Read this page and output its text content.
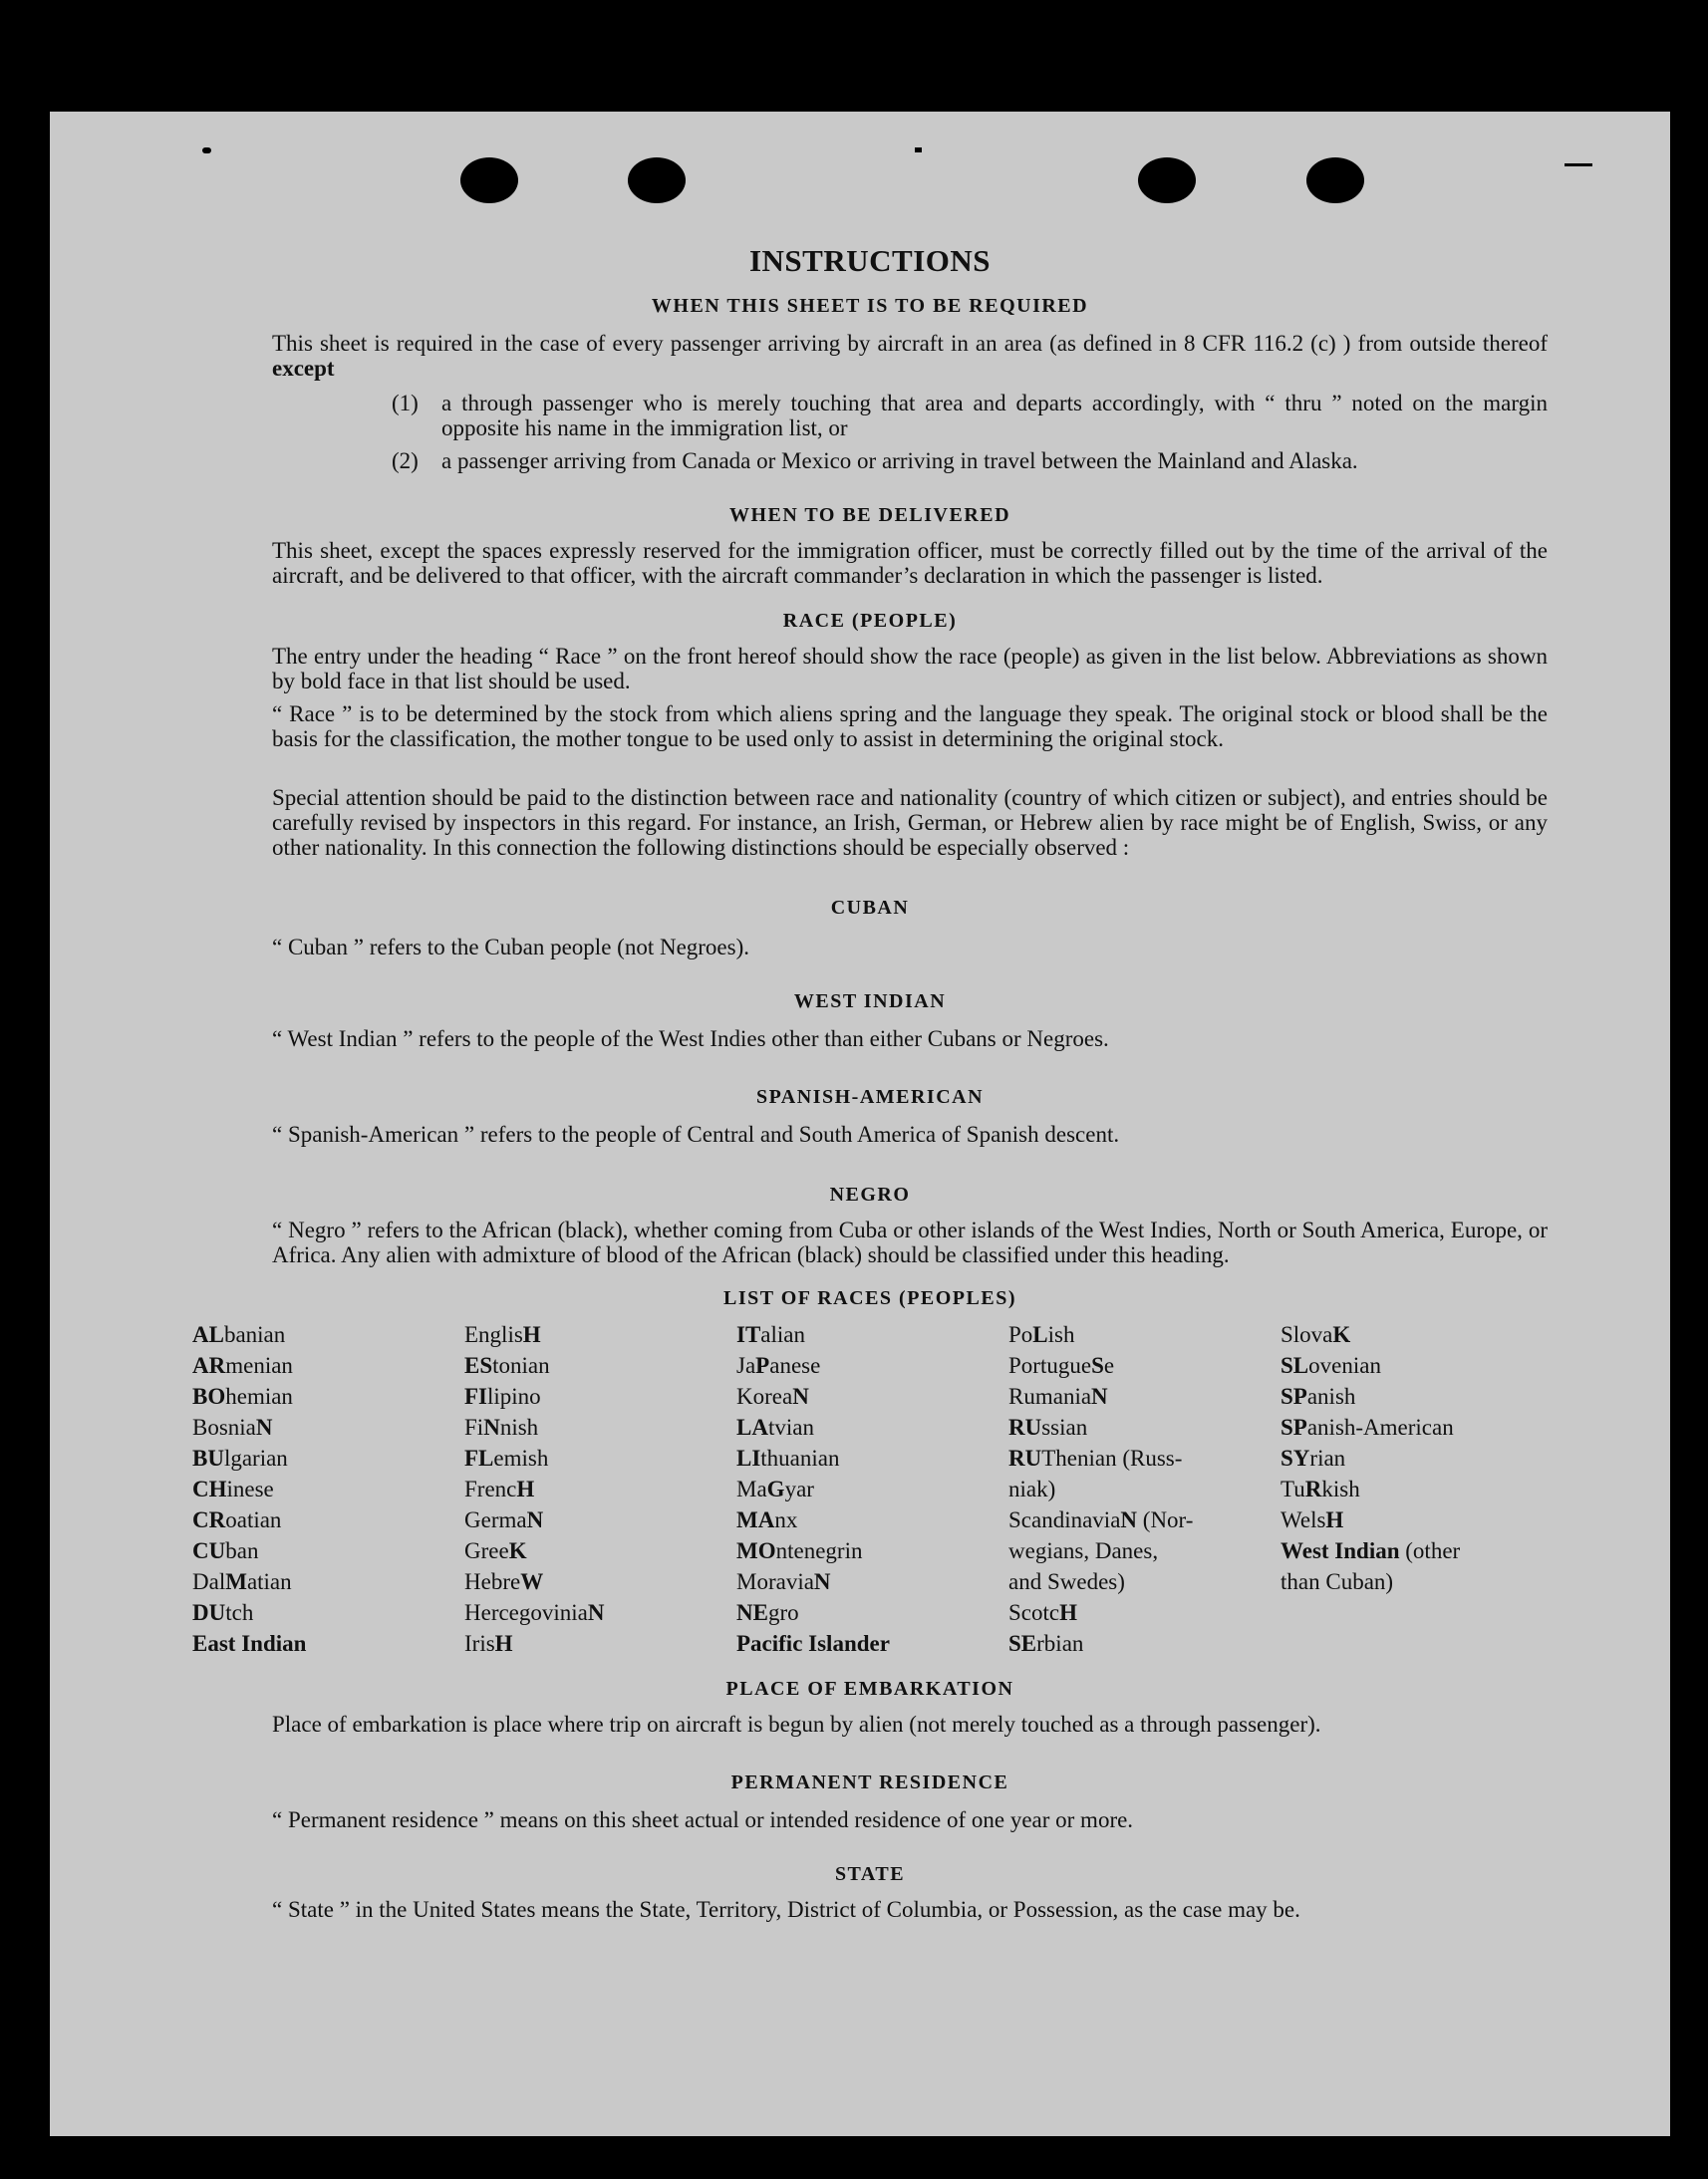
INSTRUCTIONS
WHEN THIS SHEET IS TO BE REQUIRED
This sheet is required in the case of every passenger arriving by aircraft in an area (as defined in 8 CFR 116.2 (c) ) from outside thereof except
(1) a through passenger who is merely touching that area and departs accordingly, with “ thru ” noted on the margin opposite his name in the immigration list, or
(2) a passenger arriving from Canada or Mexico or arriving in travel between the Mainland and Alaska.
WHEN TO BE DELIVERED
This sheet, except the spaces expressly reserved for the immigration officer, must be correctly filled out by the time of the arrival of the aircraft, and be delivered to that officer, with the aircraft commander’s declaration in which the passenger is listed.
RACE (PEOPLE)
The entry under the heading “ Race ” on the front hereof should show the race (people) as given in the list below. Abbreviations as shown by bold face in that list should be used.
“ Race ” is to be determined by the stock from which aliens spring and the language they speak. The original stock or blood shall be the basis for the classification, the mother tongue to be used only to assist in determining the original stock.
Special attention should be paid to the distinction between race and nationality (country of which citizen or subject), and entries should be carefully revised by inspectors in this regard. For instance, an Irish, German, or Hebrew alien by race might be of English, Swiss, or any other nationality. In this connection the following distinctions should be especially observed :
CUBAN
“ Cuban ” refers to the Cuban people (not Negroes).
WEST INDIAN
“ West Indian ” refers to the people of the West Indies other than either Cubans or Negroes.
SPANISH-AMERICAN
“ Spanish-American ” refers to the people of Central and South America of Spanish descent.
NEGRO
“ Negro ” refers to the African (black), whether coming from Cuba or other islands of the West Indies, North or South America, Europe, or Africa. Any alien with admixture of blood of the African (black) should be classified under this heading.
LIST OF RACES (PEOPLES)
ALbanian
ARmenian
BOhemian
BosniaN
BUlgarian
CHinese
CRoatian
CUban
DalMatian
DUtch
East Indian
EnglisH
EStonian
FIlipino
FiNnish
FLemish
FrencH
GermaN
GreeK
HebreW
HercegoviniaN
IrisH
ITalian
JaPanese
KoreaN
LAtvian
LIthuanian
MaGyar
MAnx
MOntenegrin
MoraviaN
NEgro
Pacific Islander
PoLish
PortugueSe
RumaniaN
RUssian
RUThenian (Russ-
niak)
ScandinaviaN (Nor-
wegians, Danes,
and Swedes)
ScotcH
SErbian
SlovaK
SLovenian
SPanish
SPanish-American
SYrian
TuRkish
WelsH
West Indian (other
than Cuban)
PLACE OF EMBARKATION
Place of embarkation is place where trip on aircraft is begun by alien (not merely touched as a through passenger).
PERMANENT RESIDENCE
“ Permanent residence ” means on this sheet actual or intended residence of one year or more.
STATE
“ State ” in the United States means the State, Territory, District of Columbia, or Possession, as the case may be.
